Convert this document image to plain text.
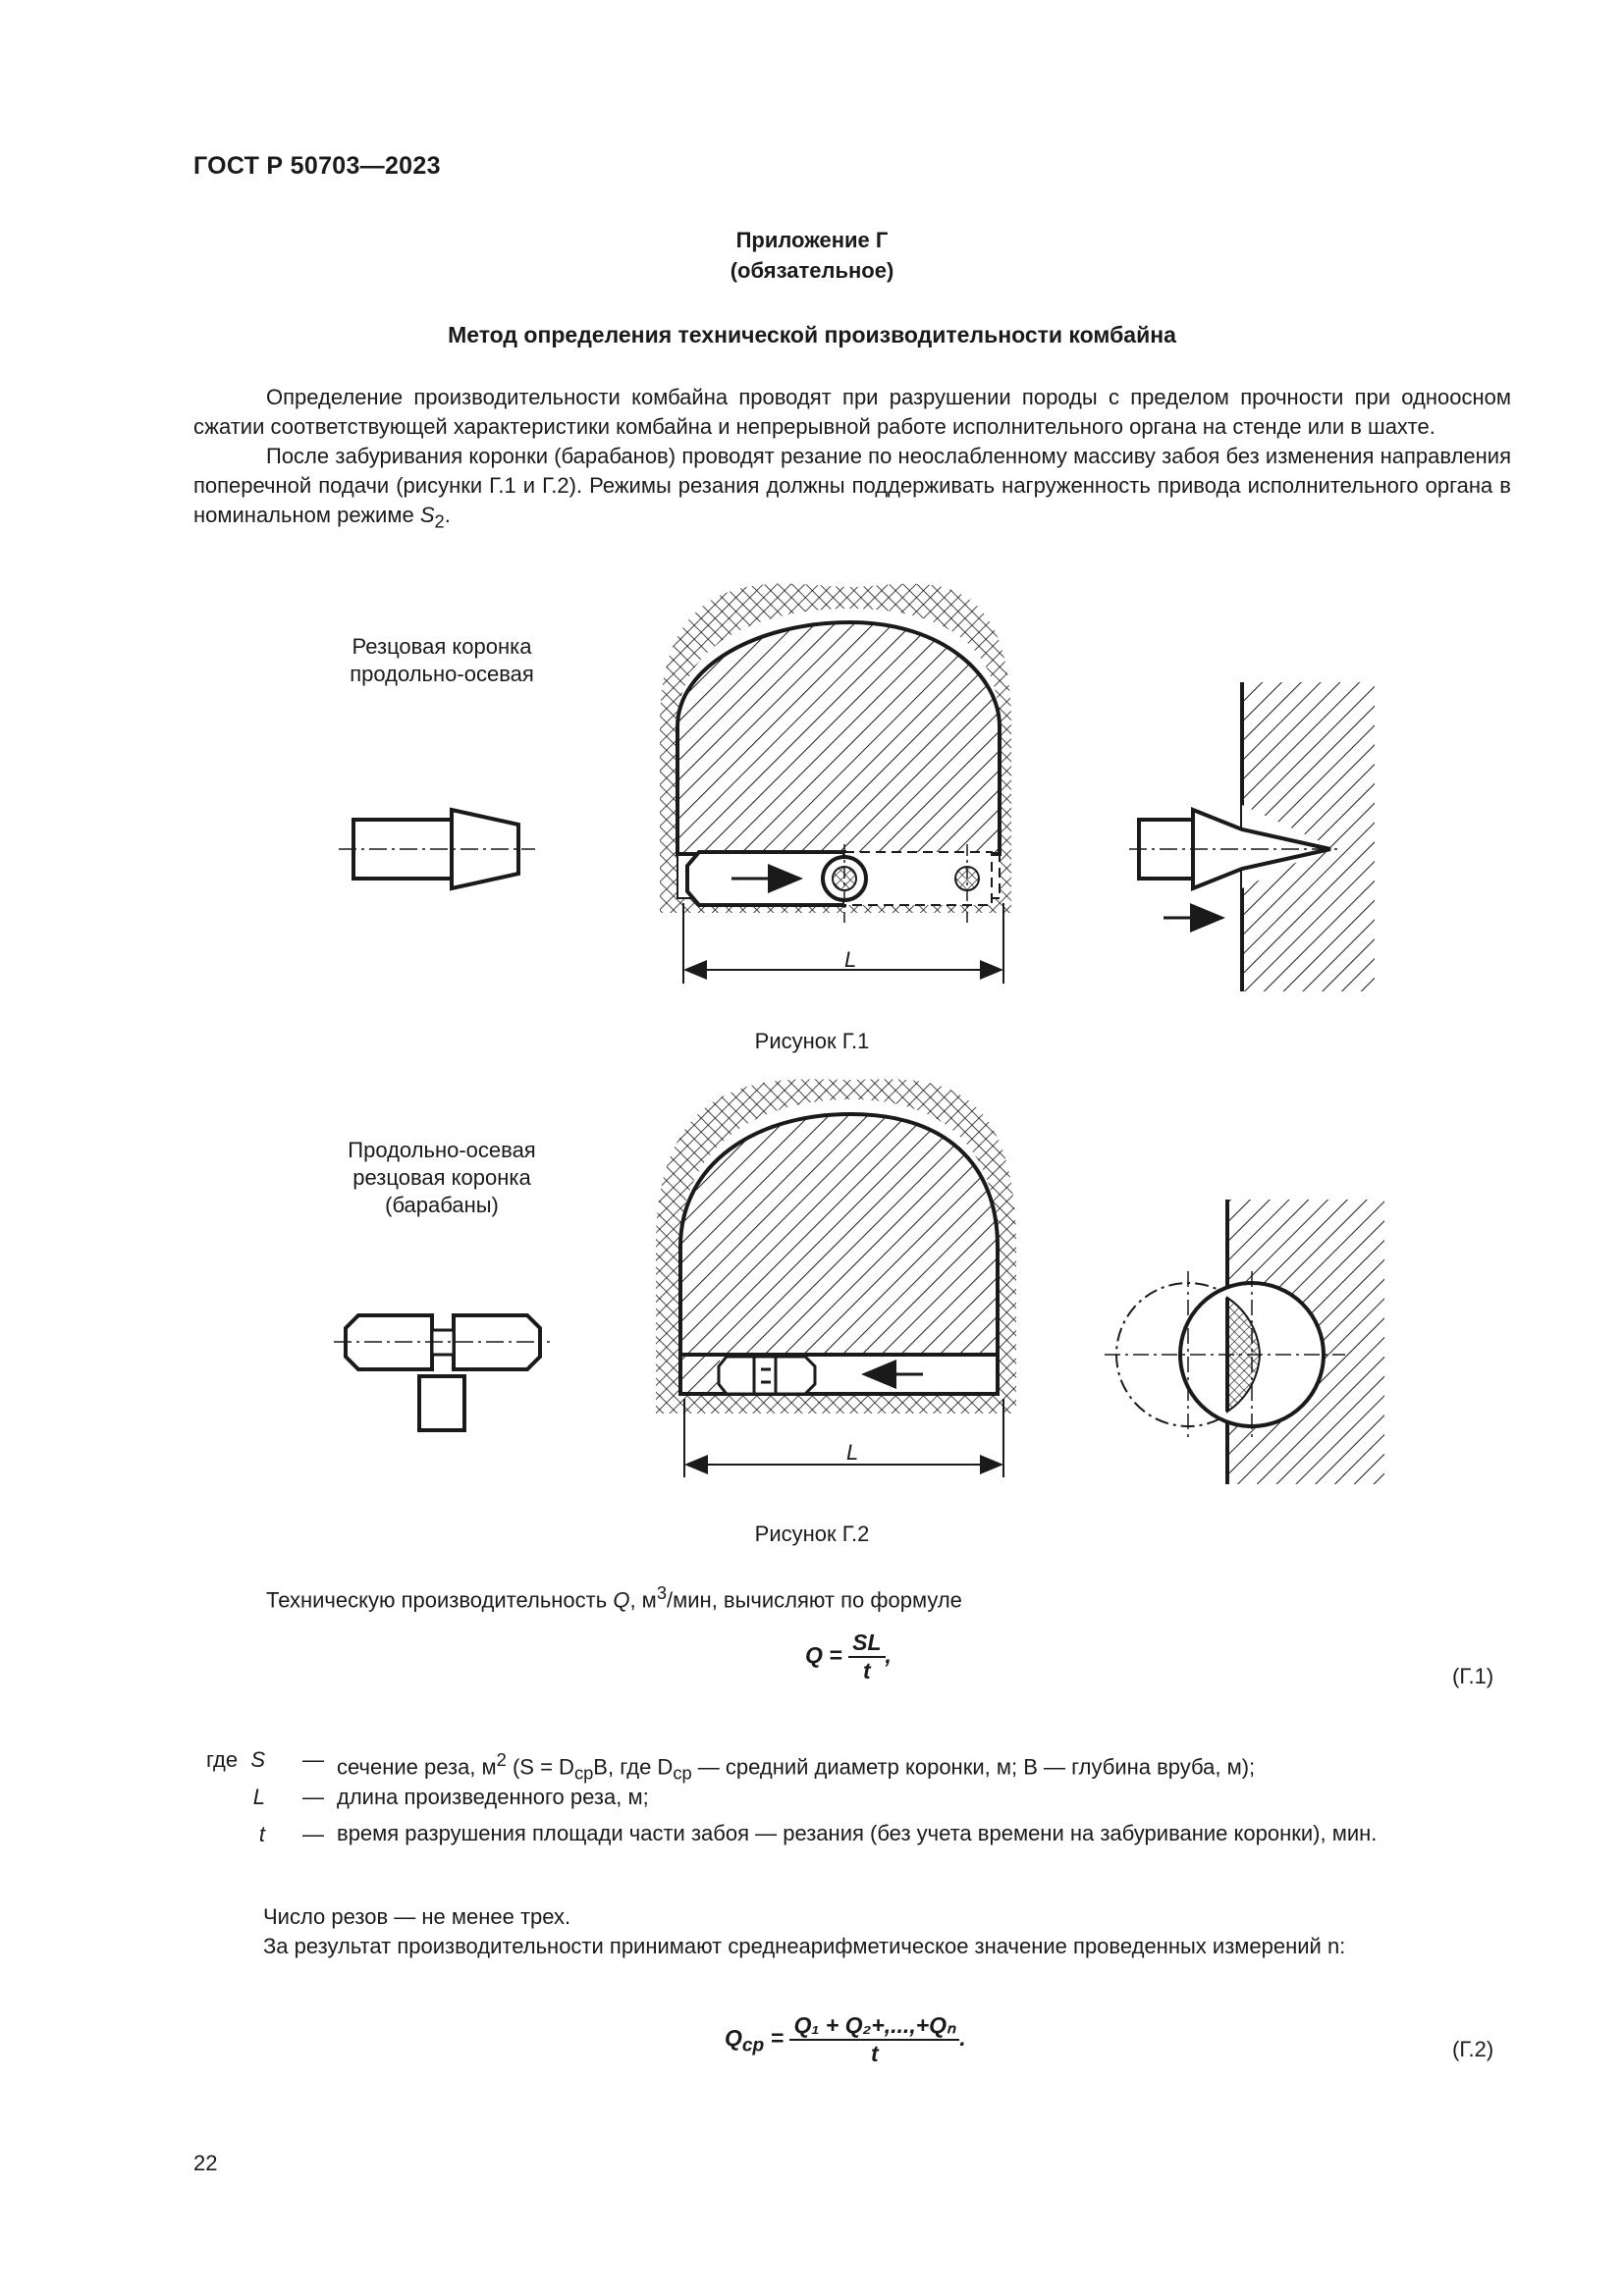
ГОСТ Р 50703—2023
Приложение Г
(обязательное)
Метод определения технической производительности комбайна

Определение производительности комбайна проводят при разрушении породы с пределом прочности при одноосном сжатии соответствующей характеристики комбайна и непрерывной работе исполнительного органа на стенде или в шахте.

После забуривания коронки (барабанов) проводят резание по неослабленному массиву забоя без изменения направления поперечной подачи (рисунки Г.1 и Г.2). Режимы резания должны поддерживать нагруженность привода исполнительного органа в номинальном режиме $S_2$.

Резцовая коронка
продольно-осевая
L
Рисунок Г.1
Продольно-осевая
резцовая коронка
(барабаны)
L
Рисунок Г.2

Техническую производительность Q, $м^3$/мин, вычисляют по формуле

$Q = \frac{SL}{t}$ ,
(Г.1)
где S — сечение реза, $м^2$ ($S = D_{ср}B$, где $D_{ср}$ — средний диаметр коронки, м; B — глубина вруба, м);
L — длина произведенного реза, м;
t — время разрушения площади части забоя — резания (без учета времени на забуривание коронки), мин.
Число резов — не менее трех.
За результат производительности принимают среднеарифметическое значение проведенных измерений n:
$Q_{ср} = \frac{\text{Q₁ + Q₂+,...,+Qₙ}}{t}$ .	(Г.2)
22
